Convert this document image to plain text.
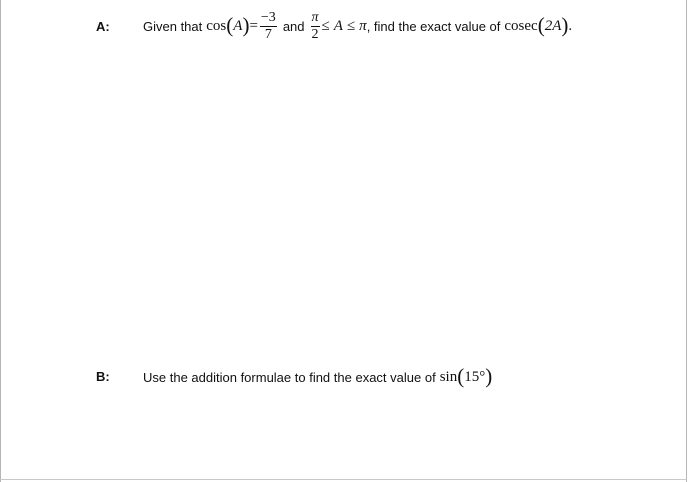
A:	Given that cos ( A ) = $\frac{-3}{7}$ and $\frac{\pi}{2} \le A \le \pi$ , find the exact value of cosec ( 2A ) .
B:	Use the addition formulae to find the exact value of sin ( 15° )
